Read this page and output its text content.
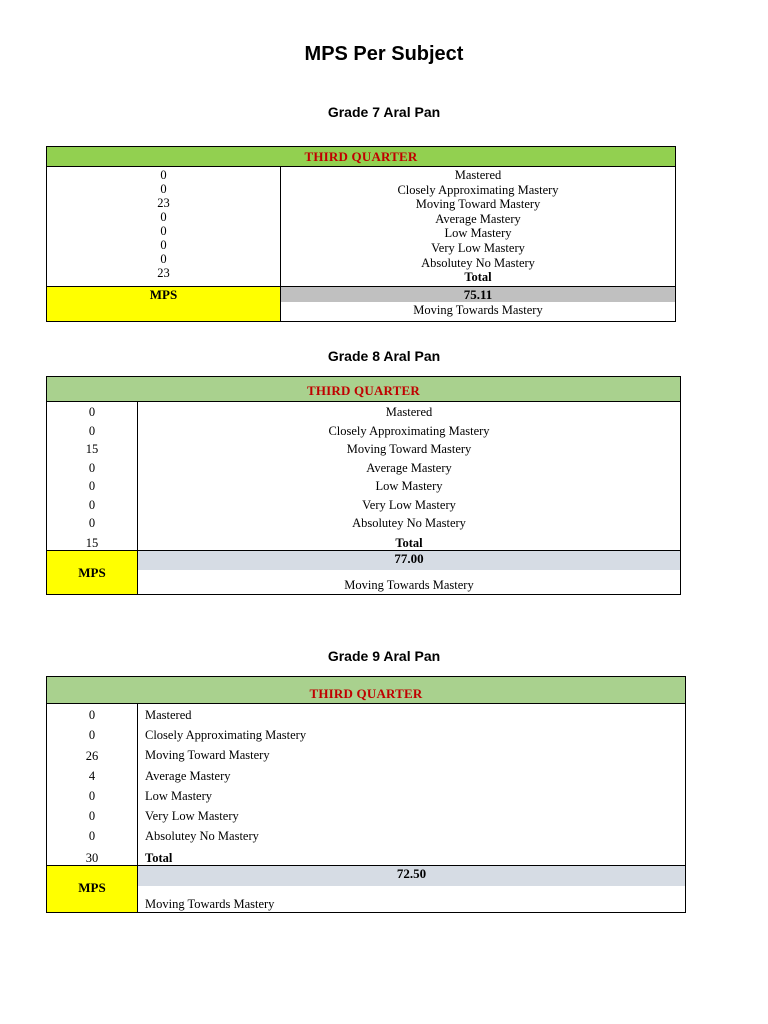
MPS Per Subject
Grade 7 Aral Pan
THIRD QUARTER
0
0
23
0
0
0
0
23
Mastered
Closely Approximating Mastery
Moving Toward Mastery
Average Mastery
Low Mastery
Very Low Mastery
Absolutey No Mastery
Total
MPS	75.11
Moving Towards Mastery
Grade 8 Aral Pan
THIRD QUARTER
0
0
15
0
0
0
0
15
Mastered
Closely Approximating Mastery
Moving Toward Mastery
Average Mastery
Low Mastery
Very Low Mastery
Absolutey No Mastery
Total
MPS
77.00
Moving Towards Mastery
Grade 9 Aral Pan
THIRD QUARTER
0
0
26
4
0
0
0
30
Mastered
Closely Approximating Mastery
Moving Toward Mastery
Average Mastery
Low Mastery
Very Low Mastery
Absolutey No Mastery
Total
MPS
72.50
Moving Towards Mastery
